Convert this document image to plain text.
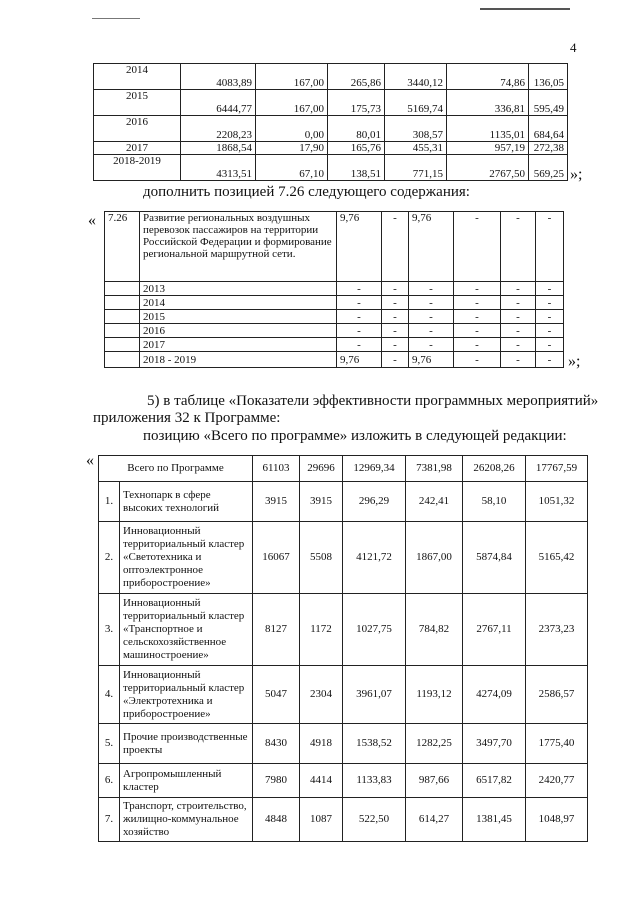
4
2014	4083,89	167,00	265,86	3440,12	74,86	136,05
2015	6444,77	167,00	175,73	5169,74	336,81	595,49
2016	2208,23	0,00	80,01	308,57	1135,01	684,64
2017	1868,54	17,90	165,76	455,31	957,19	272,38
2018-2019	4313,51	67,10	138,51	771,15	2767,50	569,25 »;
дополнить позицией 7.26 следующего содержания:
« 7.26	Развитие региональных воздушных перевозок пассажиров на территории Российской Федерации и формирование региональной маршрутной сети.	9,76	-	9,76	-	-	-
	2013	-	-	-	-	-	-
	2014	-	-	-	-	-	-
	2015	-	-	-	-	-	-
	2016	-	-	-	-	-	-
	2017	-	-	-	-	-	-
	2018 - 2019	9,76	-	9,76	-	-	- »;
5) в таблице «Показатели эффективности программных мероприятий»
приложения 32 к Программе:
позицию «Всего по программе» изложить в следующей редакции:
«	Всего по Программе		61103	29696	12969,34	7381,98	26208,26	17767,59
1.	Технопарк в сфере высоких технологий	3915	3915	296,29	242,41	58,10	1051,32
2.	Инновационный территориальный кластер «Светотехника и оптоэлектронное приборостроение»	16067	5508	4121,72	1867,00	5874,84	5165,42
3.	Инновационный территориальный кластер «Транспортное и сельскохозяйственное машиностроение»	8127	1172	1027,75	784,82	2767,11	2373,23
4.	Инновационный территориальный кластер «Электротехника и приборостроение»	5047	2304	3961,07	1193,12	4274,09	2586,57
5.	Прочие производственные проекты	8430	4918	1538,52	1282,25	3497,70	1775,40
6.	Агропромышленный кластер	7980	4414	1133,83	987,66	6517,82	2420,77
7.	Транспорт, строительство, жилищно-коммунальное хозяйство	4848	1087	522,50	614,27	1381,45	1048,97
